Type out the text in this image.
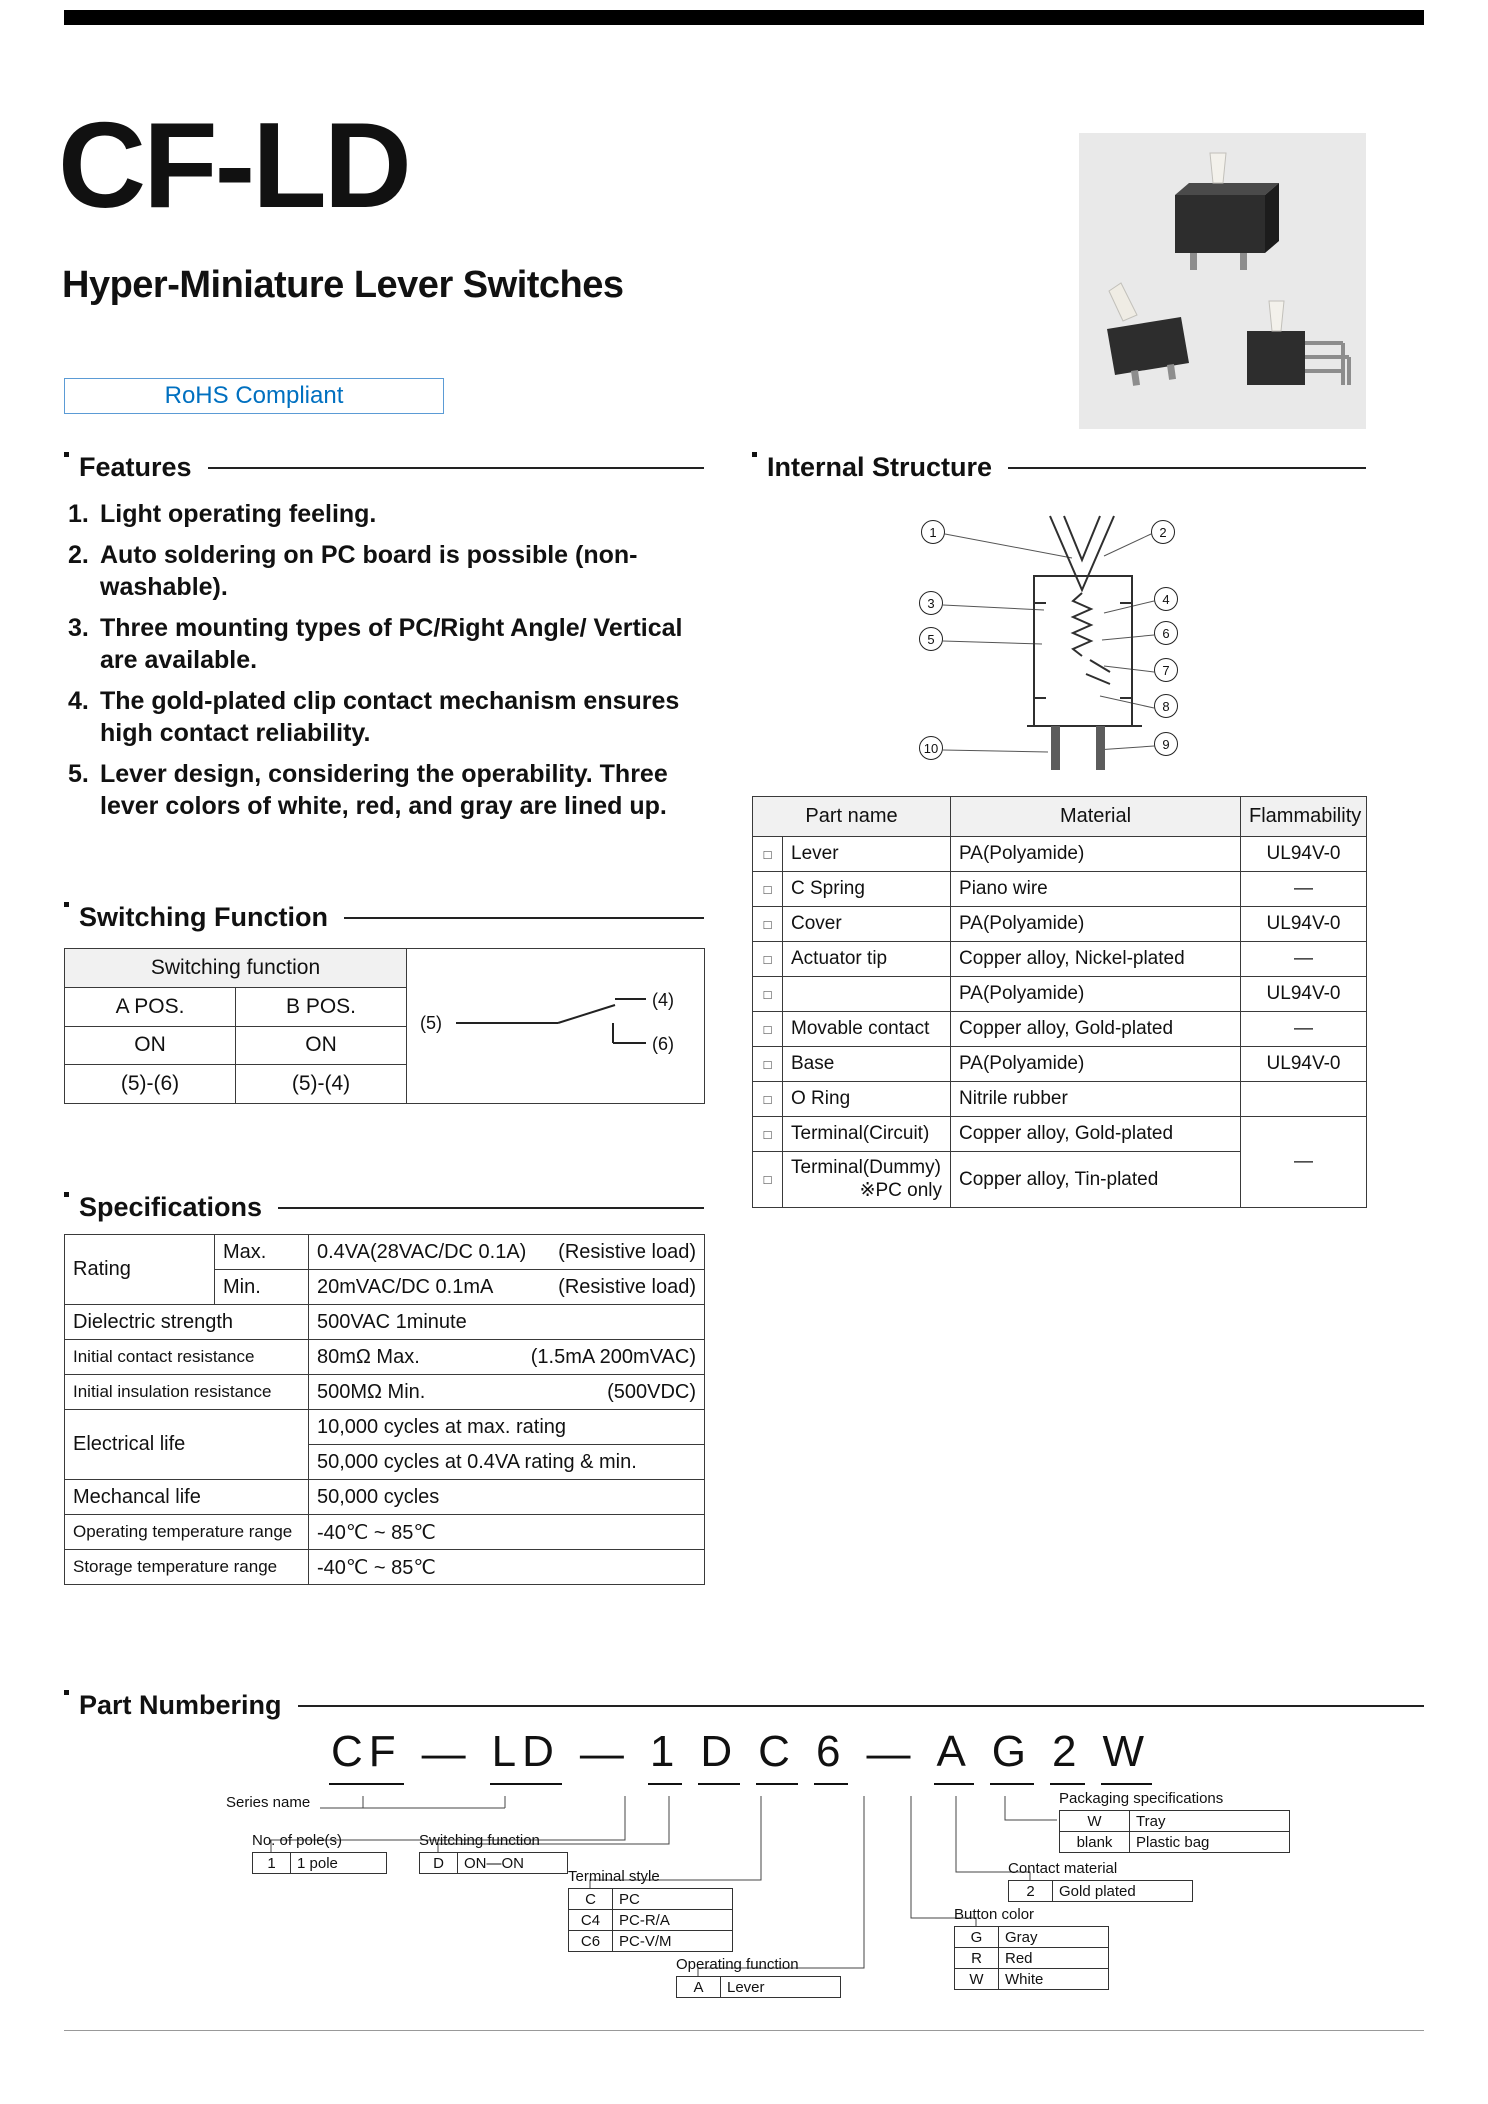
CF-LD
Hyper-Miniature Lever Switches
RoHS Compliant
Features
1. Light operating feeling.
2. Auto soldering on PC board is possible (non-washable).
3. Three mounting types of PC/Right Angle/ Vertical are available.
4. The gold-plated clip contact mechanism ensures high contact reliability.
5. Lever design, considering the operability. Three lever colors of white, red, and gray are lined up.
Internal Structure
1	2
3	4
5	6
7
8
9
10
Part name		Material	Flammability
□	Lever	PA(Polyamide)	UL94V-0
□	C Spring	Piano wire	—
□	Cover	PA(Polyamide)	UL94V-0
□	Actuator tip	Copper alloy, Nickel-plated	—
□		PA(Polyamide)	UL94V-0
□	Movable contact	Copper alloy, Gold-plated	—
□	Base	PA(Polyamide)	UL94V-0
□	O Ring	Nitrile rubber	
□	Terminal(Circuit)	Copper alloy, Gold-plated	—
□	Terminal(Dummy)
※PC only	Copper alloy, Tin-plated	
Switching Function
Switching function		(5)
(4)
(6)

A POS.	B POS.	
ON	ON	
(5)-(6)	(5)-(4)	
Specifications
Rating	Max.	0.4VA(28VAC/DC 0.1A) (Resistive load)

	Min.	20mVAC/DC 0.1mA (Resistive load)

Dielectric strength		500VAC 1minute
Initial contact resistance		80mΩ Max. (1.5mA 200mVAC)

Initial insulation resistance		500MΩ Min. (500VDC)

Electrical life		10,000 cycles at max. rating
		50,000 cycles at 0.4VA rating & min.
Mechancal life		50,000 cycles
Operating temperature range		-40℃ ~ 85℃
Storage temperature range		-40℃ ~ 85℃
Part Numbering
CF — LD — 1 D C 6 — A G 2 W
Series name
No. of pole(s)
1	1 pole
Switching function
D	ON—ON
Terminal style
C	PC
C4	PC-R/A
C6	PC-V/M
Operating function
A	Lever
Button color
G	Gray
R	Red
W	White
Contact material
2	Gold plated
Packaging specifications
W	Tray
blank	Plastic bag
